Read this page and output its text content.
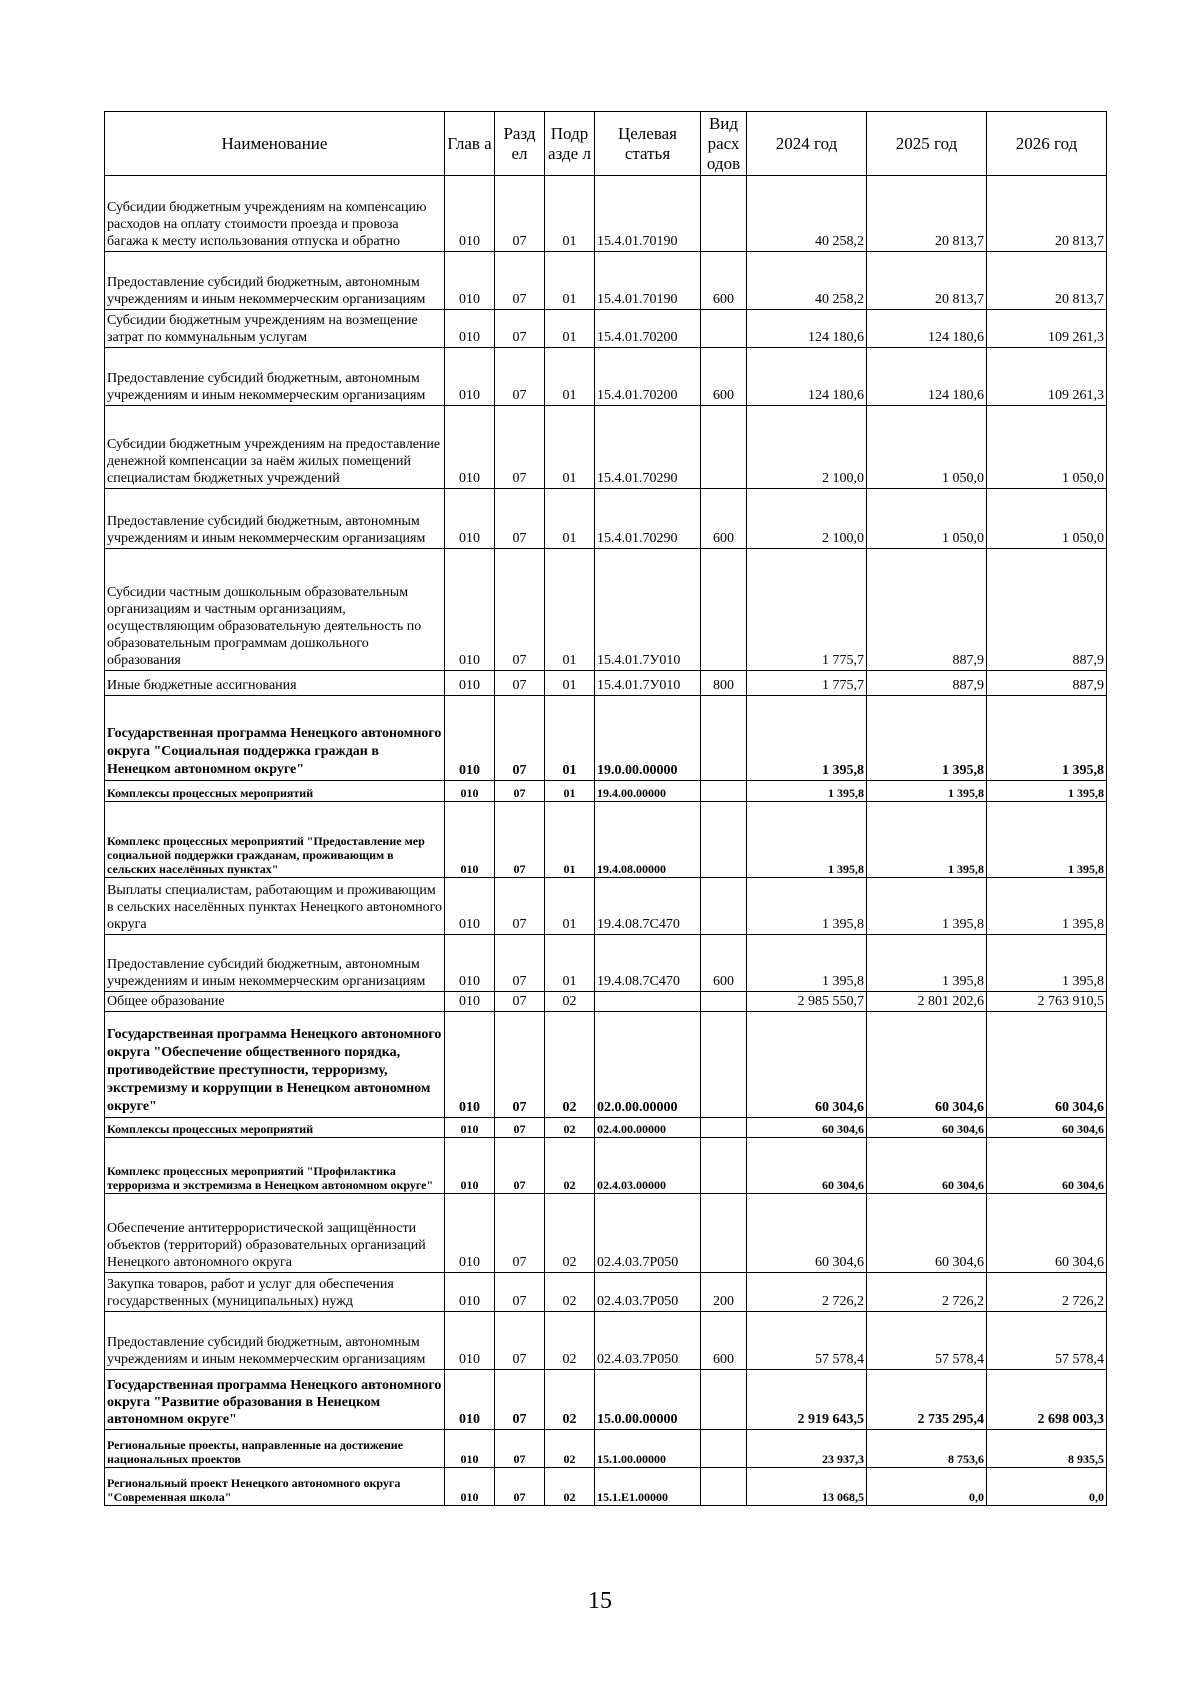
Наименование	Глав а	Разд ел	Подр азде л	Целевая статья	Вид расх одов	2024 год	2025 год	2026 год
Субсидии бюджетным учреждениям на компенсацию расходов на оплату стоимости проезда и провоза багажа к месту использования отпуска и обратно	010	07	01	15.4.01.70190		40 258,2	20 813,7	20 813,7
Предоставление субсидий бюджетным, автономным учреждениям и иным некоммерческим организациям	010	07	01	15.4.01.70190	600	40 258,2	20 813,7	20 813,7
Субсидии бюджетным учреждениям на возмещение затрат по коммунальным услугам	010	07	01	15.4.01.70200		124 180,6	124 180,6	109 261,3
Предоставление субсидий бюджетным, автономным учреждениям и иным некоммерческим организациям	010	07	01	15.4.01.70200	600	124 180,6	124 180,6	109 261,3
Субсидии бюджетным учреждениям на предоставление денежной компенсации за наём жилых помещений специалистам бюджетных учреждений	010	07	01	15.4.01.70290		2 100,0	1 050,0	1 050,0
Предоставление субсидий бюджетным, автономным учреждениям и иным некоммерческим организациям	010	07	01	15.4.01.70290	600	2 100,0	1 050,0	1 050,0
Субсидии частным дошкольным образовательным организациям и частным организациям, осуществляющим образовательную деятельность по образовательным программам дошкольного образования	010	07	01	15.4.01.7У010		1 775,7	887,9	887,9
Иные бюджетные ассигнования	010	07	01	15.4.01.7У010	800	1 775,7	887,9	887,9
Государственная программа Ненецкого автономного округа "Социальная поддержка граждан в Ненецком автономном округе"	010	07	01	19.0.00.00000		1 395,8	1 395,8	1 395,8
Комплексы процессных мероприятий	010	07	01	19.4.00.00000		1 395,8	1 395,8	1 395,8
Комплекс процессных мероприятий "Предоставление мер социальной поддержки гражданам, проживающим в сельских населённых пунктах"	010	07	01	19.4.08.00000		1 395,8	1 395,8	1 395,8
Выплаты специалистам, работающим и проживающим в сельских населённых пунктах Ненецкого автономного округа	010	07	01	19.4.08.7С470		1 395,8	1 395,8	1 395,8
Предоставление субсидий бюджетным, автономным учреждениям и иным некоммерческим организациям	010	07	01	19.4.08.7С470	600	1 395,8	1 395,8	1 395,8
Общее образование	010	07	02			2 985 550,7	2 801 202,6	2 763 910,5
Государственная программа Ненецкого автономного округа "Обеспечение общественного порядка, противодействие преступности, терроризму, экстремизму и коррупции в Ненецком автономном округе"	010	07	02	02.0.00.00000		60 304,6	60 304,6	60 304,6
Комплексы процессных мероприятий	010	07	02	02.4.00.00000		60 304,6	60 304,6	60 304,6
Комплекс процессных мероприятий "Профилактика терроризма и экстремизма в Ненецком автономном округе"	010	07	02	02.4.03.00000		60 304,6	60 304,6	60 304,6
Обеспечение антитеррористической защищённости объектов (территорий) образовательных организаций Ненецкого автономного округа	010	07	02	02.4.03.7Р050		60 304,6	60 304,6	60 304,6
Закупка товаров, работ и услуг для обеспечения государственных (муниципальных) нужд	010	07	02	02.4.03.7Р050	200	2 726,2	2 726,2	2 726,2
Предоставление субсидий бюджетным, автономным учреждениям и иным некоммерческим организациям	010	07	02	02.4.03.7Р050	600	57 578,4	57 578,4	57 578,4
Государственная программа Ненецкого автономного округа "Развитие образования в Ненецком автономном округе"	010	07	02	15.0.00.00000		2 919 643,5	2 735 295,4	2 698 003,3
Региональные проекты, направленные на достижение национальных проектов	010	07	02	15.1.00.00000		23 937,3	8 753,6	8 935,5
Региональный проект Ненецкого автономного округа "Современная школа"	010	07	02	15.1.Е1.00000		13 068,5	0,0	0,0
15
